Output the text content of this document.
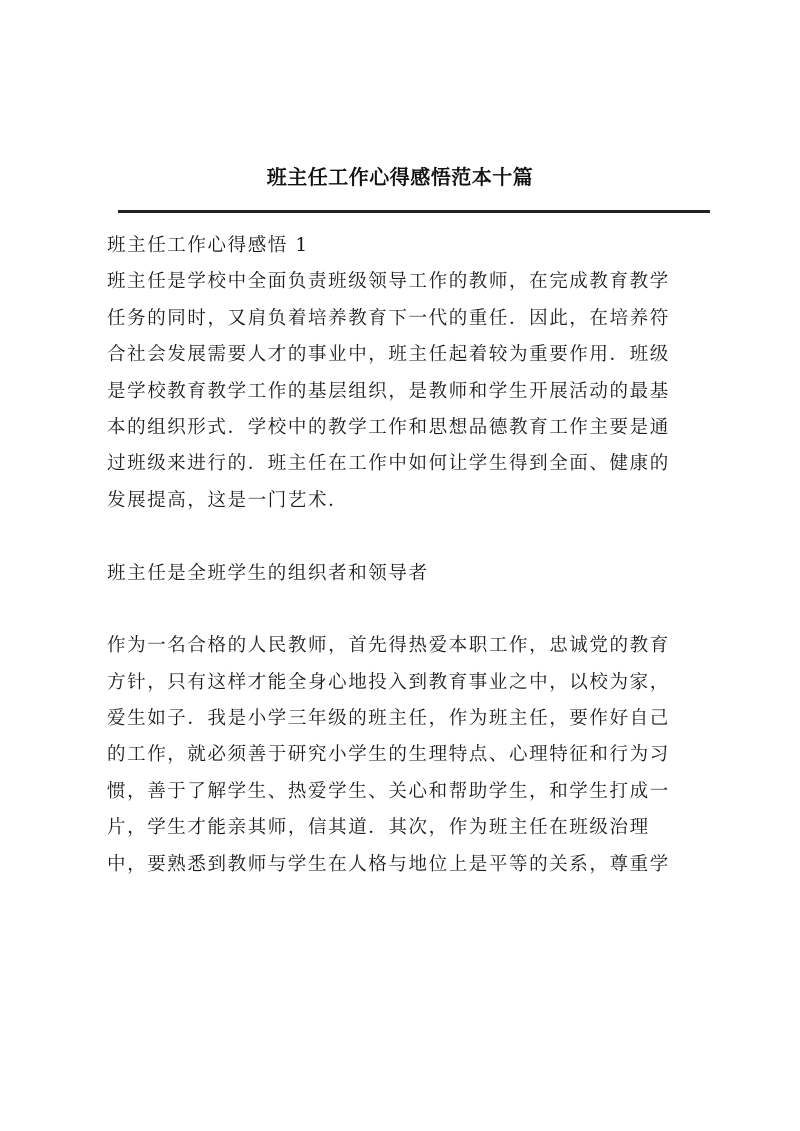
班主任工作心得感悟范本十篇
班主任工作心得感悟 1
班主任是学校中全面负责班级领导工作的教师，在完成教育教学
任务的同时，又肩负着培养教育下一代的重任．因此，在培养符
合社会发展需要人才的事业中，班主任起着较为重要作用．班级
是学校教育教学工作的基层组织，是教师和学生开展活动的最基
本的组织形式．学校中的教学工作和思想品德教育工作主要是通
过班级来进行的．班主任在工作中如何让学生得到全面、健康的
发展提高，这是一门艺术．
班主任是全班学生的组织者和领导者
作为一名合格的人民教师，首先得热爱本职工作，忠诚党的教育
方针，只有这样才能全身心地投入到教育事业之中，以校为家，
爱生如子．我是小学三年级的班主任，作为班主任，要作好自己
的工作，就必须善于研究小学生的生理特点、心理特征和行为习
惯，善于了解学生、热爱学生、关心和帮助学生，和学生打成一
片，学生才能亲其师，信其道．其次，作为班主任在班级治理
中，要熟悉到教师与学生在人格与地位上是平等的关系，尊重学
